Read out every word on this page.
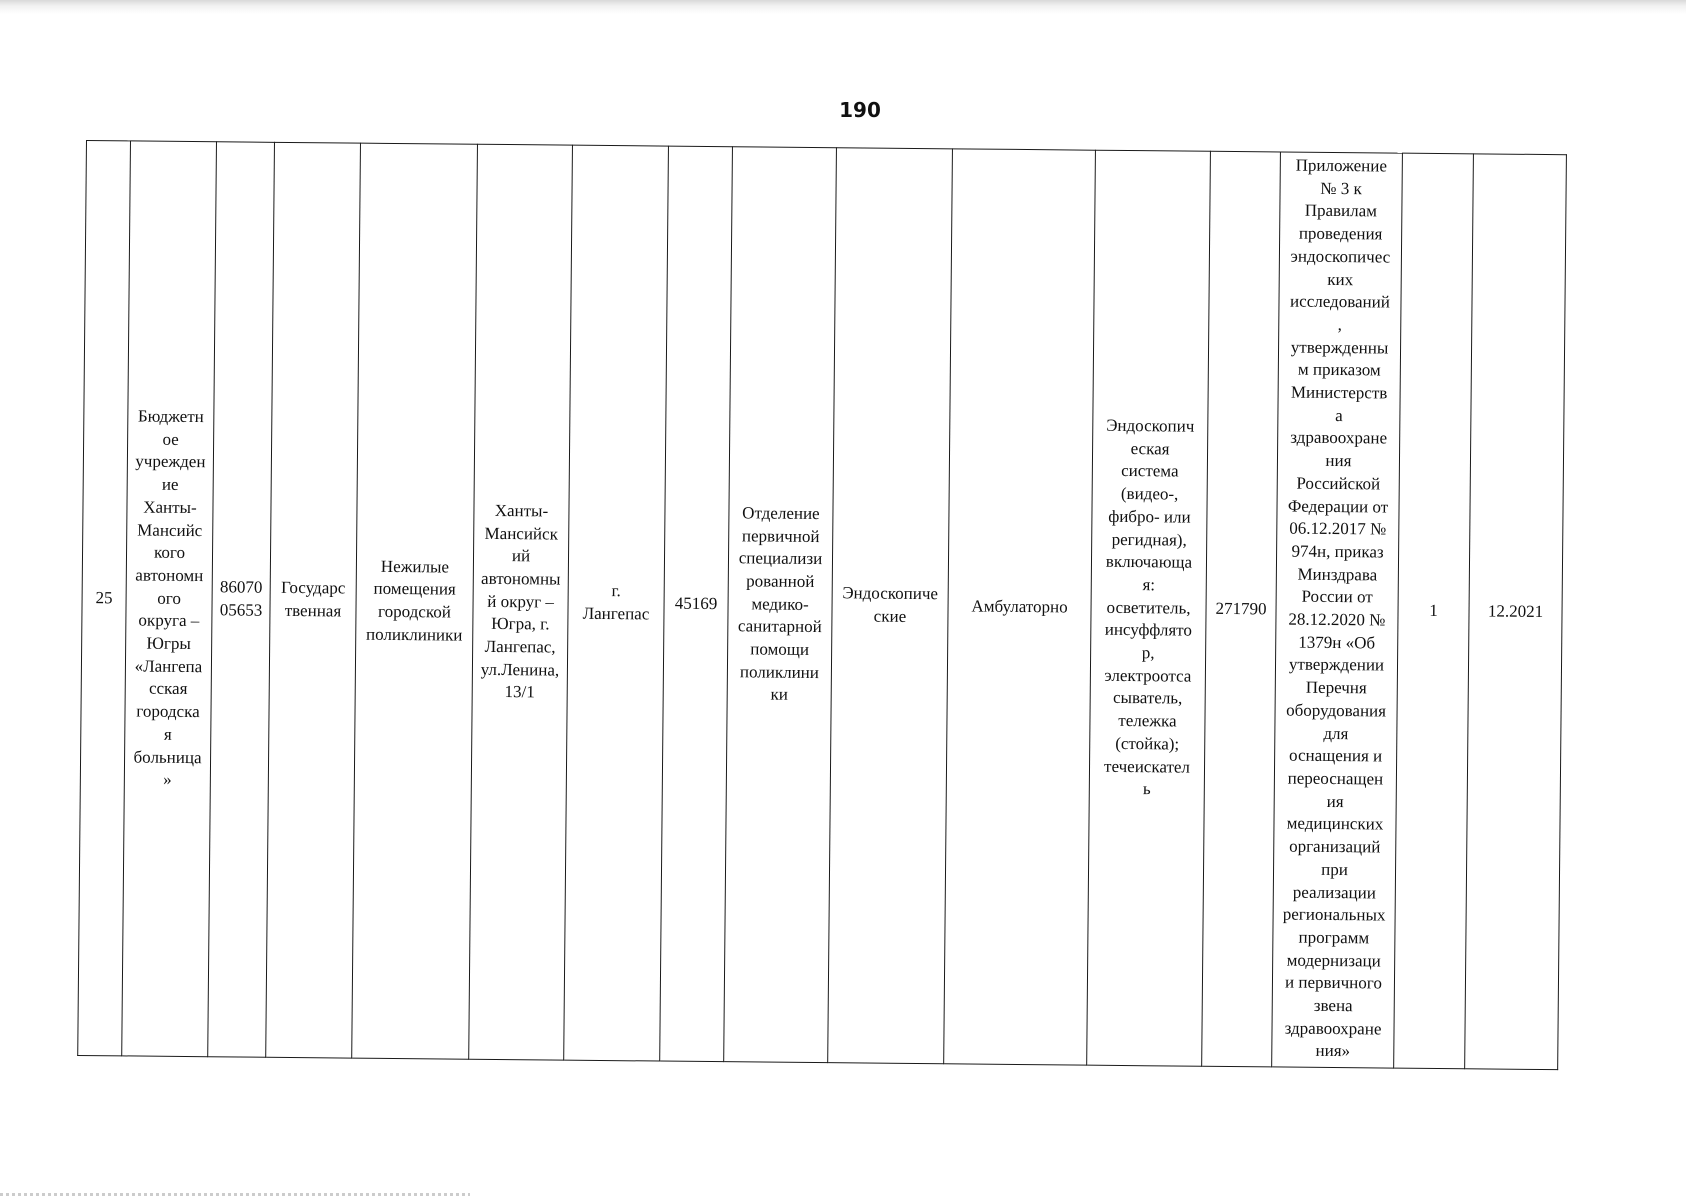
190
25	Бюджетн
ое
учрежден
ие
Ханты-
Мансийс
кого
автономн
ого
округа –
Югры
«Лангепа
сская
городска
я
больница
»	86070
05653	Государс
твенная	Нежилые
помещения
городской
поликлиники	Ханты-
Мансийск
ий
автономны
й округ –
Югра, г.
Лангепас,
ул.Ленина,
13/1	г.
Лангепас	45169	Отделение
первичной
специализи
рованной
медико-
санитарной
помощи
поликлини
ки	Эндоскопиче
ские	Амбулаторно	Эндоскопич
еская
система
(видео-,
фибро- или
регидная),
включающа
я:
осветитель,
инсуффлято
р,
электроотса
сыватель,
тележка
(стойка);
течеискател
ь	271790	Приложение
№ 3 к
Правилам
проведения
эндоскопичес
ких
исследований
,
утвержденны
м приказом
Министерств
а
здравоохране
ния
Российской
Федерации от
06.12.2017 №
974н, приказ
Минздрава
России от
28.12.2020 №
1379н «Об
утверждении
Перечня
оборудования
для
оснащения и
переоснащен
ия
медицинских
организаций
при
реализации
региональных
программ
модернизаци
и первичного
звена
здравоохране
ния»	1	12.2021
